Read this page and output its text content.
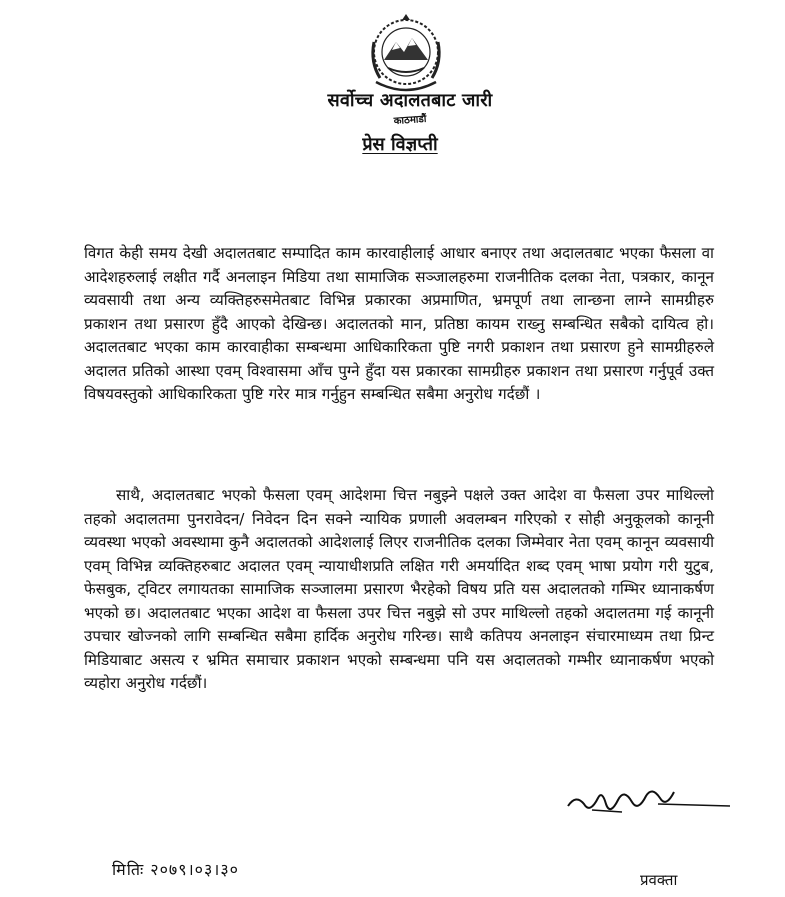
सर्वोच्च अदालतबाट जारी
काठमाडौं
प्रेस विज्ञप्ती
विगत केही समय देखी अदालतबाट सम्पादित काम कारवाहीलाई आधार बनाएर तथा अदालतबाट भएका फैसला वा आदेशहरुलाई लक्षीत गर्दै अनलाइन मिडिया तथा सामाजिक सञ्जालहरुमा राजनीतिक दलका नेता, पत्रकार, कानून व्यवसायी तथा अन्य व्यक्तिहरुसमेतबाट विभिन्न प्रकारका अप्रमाणित, भ्रमपूर्ण तथा लान्छना लाग्ने सामग्रीहरु प्रकाशन तथा प्रसारण हुँदै आएको देखिन्छ। अदालतको मान, प्रतिष्ठा कायम राख्नु सम्बन्धित सबैको दायित्व हो। अदालतबाट भएका काम कारवाहीका सम्बन्धमा आधिकारिकता पुष्टि नगरी प्रकाशन तथा प्रसारण हुने सामग्रीहरुले अदालत प्रतिको आस्था एवम् विश्वासमा आँच पुग्ने हुँदा यस प्रकारका सामग्रीहरु प्रकाशन तथा प्रसारण गर्नुपूर्व उक्त विषयवस्तुको आधिकारिकता पुष्टि गरेर मात्र गर्नुहुन सम्बन्धित सबैमा अनुरोध गर्दछौं ।
साथै, अदालतबाट भएको फैसला एवम् आदेशमा चित्त नबुझ्ने पक्षले उक्त आदेश वा फैसला उपर माथिल्लो तहको अदालतमा पुनरावेदन/ निवेदन दिन सक्ने न्यायिक प्रणाली अवलम्बन गरिएको र सोही अनुकूलको कानूनी व्यवस्था भएको अवस्थामा कुनै अदालतको आदेशलाई लिएर राजनीतिक दलका जिम्मेवार नेता एवम् कानून व्यवसायी एवम् विभिन्न व्यक्तिहरुबाट अदालत एवम् न्यायाधीशप्रति लक्षित गरी अमर्यादित शब्द एवम् भाषा प्रयोग गरी युटुब, फेसबुक, ट्विटर लगायतका सामाजिक सञ्जालमा प्रसारण भैरहेको विषय प्रति यस अदालतको गम्भिर ध्यानाकर्षण भएको छ। अदालतबाट भएका आदेश वा फैसला उपर चित्त नबुझे सो उपर माथिल्लो तहको अदालतमा गई कानूनी उपचार खोज्नको लागि सम्बन्धित सबैमा हार्दिक अनुरोध गरिन्छ। साथै कतिपय अनलाइन संचारमाध्यम तथा प्रिन्ट मिडियाबाट असत्य र भ्रमित समाचार प्रकाशन भएको सम्बन्धमा पनि यस अदालतको गम्भीर ध्यानाकर्षण भएको व्यहोरा अनुरोध गर्दछौं।
मितिः २०७९।०३।३०
प्रवक्ता
